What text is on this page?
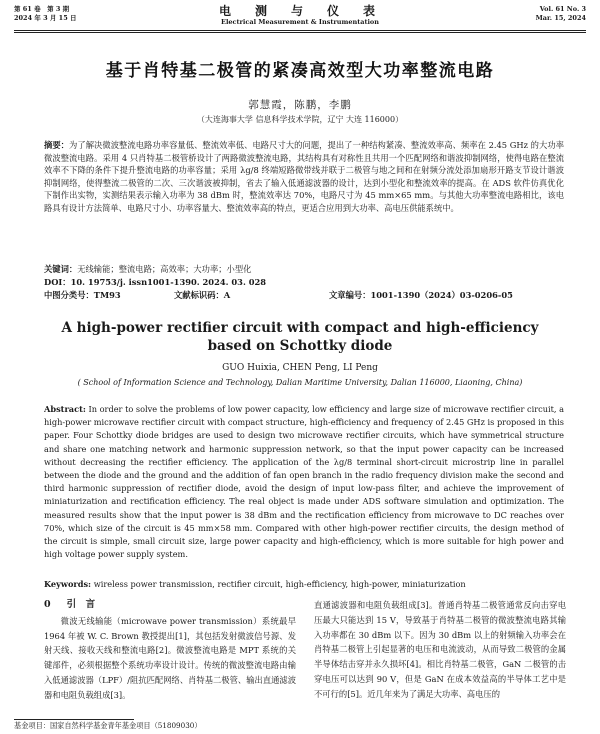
第 61 卷　第 3 期
2024 年 3 月 15 日	电　测　与　仪　表
Electrical Measurement & Instrumentation
Vol. 61 No. 3
Mar. 15, 2024
基于肖特基二极管的紧凑高效型大功率整流电路
郭慧霞，陈鹏，李鹏
（大连海事大学 信息科学技术学院，辽宁 大连 116000）
摘要：为了解决微波整流电路功率容量低、整流效率低、电路尺寸大的问题，提出了一种结构紧凑、整流效率高、频率在 2.45 GHz 的大功率微波整流电路。采用 4 只肖特基二极管桥设计了两路微波整流电路，其结构具有对称性且共用一个匹配网络和谐波抑制网络，使得电路在整流效率不下降的条件下提升整流电路的功率容量；采用 λg/8 终端短路微带线并联于二极管与地之间和在射频分流处添加扇形开路支节设计谐波抑制网络，使得整流二极管的二次、三次谐波被抑制，省去了输入低通滤波器的设计，达到小型化和整流效率的提高。在 ADS 软件仿真优化下制作出实物，实测结果表示输入功率为 38 dBm 时，整流效率达 70%，电路尺寸为 45 mm×65 mm。与其他大功率整流电路相比，该电路具有设计方法简单、电路尺寸小、功率容量大、整流效率高的特点，更适合应用到大功率、高电压供能系统中。
关键词：无线输能；整流电路；高效率；大功率；小型化
DOI：10. 19753/j. issn1001-1390. 2024. 03. 028
中图分类号：TM93	文献标识码：A	文章编号：1001-1390（2024）03-0206-05
A high-power rectifier circuit with compact and high-efficiency based on Schottky diode
GUO Huixia, CHEN Peng, LI Peng
( School of Information Science and Technology, Dalian Maritime University, Dalian 116000, Liaoning, China)
Abstract: In order to solve the problems of low power capacity, low efficiency and large size of microwave rectifier circuit, a high-power microwave rectifier circuit with compact structure, high-efficiency and frequency of 2.45 GHz is proposed in this paper. Four Schottky diode bridges are used to design two microwave rectifier circuits, which have symmetrical structure and share one matching network and harmonic suppression network, so that the input power capacity can be increased without decreasing the rectifier efficiency. The application of the λg/8 terminal short-circuit microstrip line in parallel between the diode and the ground and the addition of fan open branch in the radio frequency division make the second and third harmonic suppression of rectifier diode, avoid the design of input low-pass filter, and achieve the improvement of miniaturization and rectification efficiency. The real object is made under ADS software simulation and optimization. The measured results show that the input power is 38 dBm and the rectification efficiency from microwave to DC reaches over 70%, which size of the circuit is 45 mm×58 mm. Compared with other high-power rectifier circuits, the design method of the circuit is simple, small circuit size, large power capacity and high-efficiency, which is more suitable for high power and high voltage power supply system.
Keywords: wireless power transmission, rectifier circuit, high-efficiency, high-power, miniaturization
0 引　言
微波无线输能（microwave power transmission）系统最早 1964 年被 W. C. Brown 教授提出[1]，其包括发射微波信号源、发射天线、接收天线和整流电路[2]。微波整流电路是 MPT 系统的关键部件，必须根据整个系统功率设计设计。传统的微波整流电路由输入低通滤波器（LPF）/阻抗匹配网络、肖特基二极管、输出直通滤波器和电阻负载组成[3]。
直通滤波器和电阻负载组成[3]。普通肖特基二极管通常反向击穿电压最大只能达到 15 V，导致基于肖特基二极管的微波整流电路其输入功率都在 30 dBm 以下。因为 30 dBm 以上的射频输入功率会在肖特基二极管上引起显著的电压和电流波动，从而导致二极管的金属半导体结击穿并永久损坏[4]。相比肖特基二极管，GaN 二极管的击穿电压可以达到 90 V，但是 GaN 在成本效益高的半导体工艺中是不可行的[5]。近几年来为了满足大功率、高电压的
基金项目：国家自然科学基金青年基金项目（51809030）
